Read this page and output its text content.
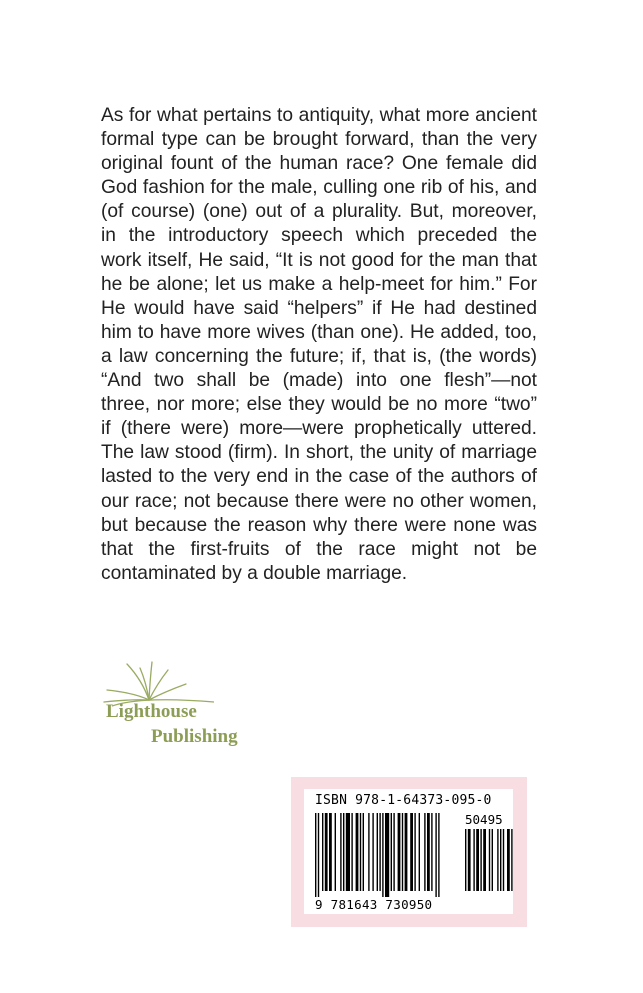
As for what pertains to antiquity, what more ancient formal type can be brought forward, than the very original fount of the human race? One female did God fashion for the male, culling one rib of his, and (of course) (one) out of a plurality. But, moreover, in the introductory speech which preceded the work itself, He said, “It is not good for the man that he be alone; let us make a help-meet for him.” For He would have said “helpers” if He had destined him to have more wives (than one). He added, too, a law concerning the future; if, that is, (the words) “And two shall be (made) into one flesh”—not three, nor more; else they would be no more “two” if (there were) more—were prophetically uttered. The law stood (firm). In short, the unity of marriage lasted to the very end in the case of the authors of our race; not because there were no other women, but because the reason why there were none was that the first-fruits of the race might not be contaminated by a double marriage.

Lighthouse
Publishing
ISBN 978-1-64373-095-0
50495
9 781643 730950
